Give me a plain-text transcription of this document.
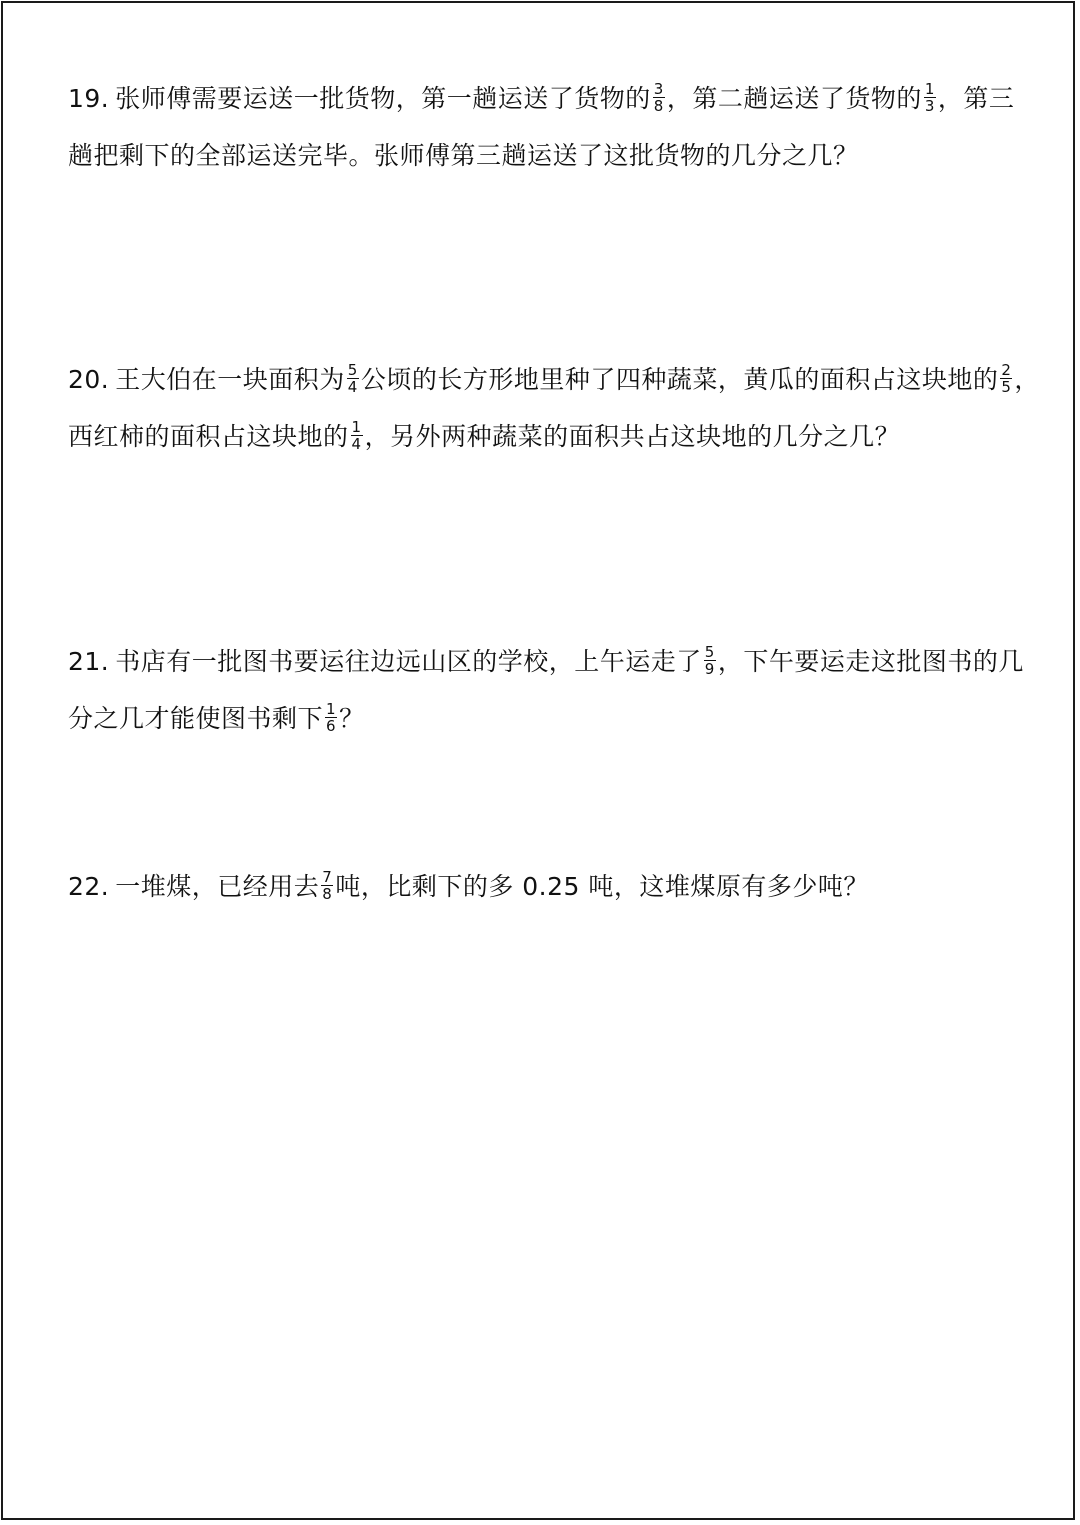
19. 张师傅需要运送一批货物，第一趟运送了货物的 $\frac{3}{8}$ ，第二趟运送了货物的 $\frac{1}{3}$ ，第三
趟把剩下的全部运送完毕。张师傅第三趟运送了这批货物的几分之几？
20. 王大伯在一块面积为 $\frac{5}{4}$ 公顷的长方形地里种了四种蔬菜，黄瓜的面积占这块地的 $\frac{2}{5}$ ，
西红柿的面积占这块地的 $\frac{1}{4}$ ，另外两种蔬菜的面积共占这块地的几分之几？
21. 书店有一批图书要运往边远山区的学校，上午运走了 $\frac{5}{9}$ ，下午要运走这批图书的几
分之几才能使图书剩下 $\frac{1}{6}$ ？
22. 一堆煤，已经用去 $\frac{7}{8}$ 吨，比剩下的多 0.25 吨，这堆煤原有多少吨？
